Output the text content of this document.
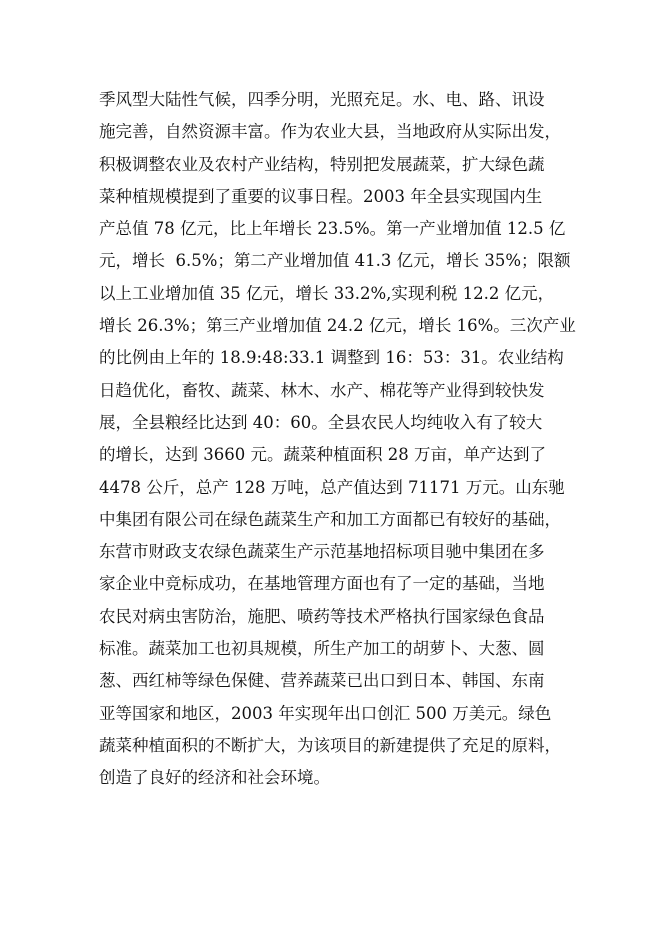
季风型大陆性气候，四季分明，光照充足。水、电、路、讯设
施完善，自然资源丰富。作为农业大县，当地政府从实际出发，
积极调整农业及农村产业结构，特别把发展蔬菜，扩大绿色蔬
菜种植规模提到了重要的议事日程。2003 年全县实现国内生
产总值 78 亿元，比上年增长 23.5%。第一产业增加值 12.5 亿
元，增长  6.5%；第二产业增加值 41.3 亿元，增长 35%；限额
以上工业增加值 35 亿元，增长 33.2%,实现利税 12.2 亿元，
增长 26.3%；第三产业增加值 24.2 亿元，增长 16%。三次产业
的比例由上年的 18.9:48:33.1 调整到 16：53：31。农业结构
日趋优化，畜牧、蔬菜、林木、水产、棉花等产业得到较快发
展，全县粮经比达到 40：60。全县农民人均纯收入有了较大
的增长，达到 3660 元。蔬菜种植面积 28 万亩，单产达到了
4478 公斤，总产 128 万吨，总产值达到 71171 万元。山东驰
中集团有限公司在绿色蔬菜生产和加工方面都已有较好的基础，
东营市财政支农绿色蔬菜生产示范基地招标项目驰中集团在多
家企业中竞标成功，在基地管理方面也有了一定的基础，当地
农民对病虫害防治，施肥、喷药等技术严格执行国家绿色食品
标准。蔬菜加工也初具规模，所生产加工的胡萝卜、大葱、圆
葱、西红柿等绿色保健、营养蔬菜已出口到日本、韩国、东南
亚等国家和地区，2003 年实现年出口创汇 500 万美元。绿色
蔬菜种植面积的不断扩大，为该项目的新建提供了充足的原料，
创造了良好的经济和社会环境。
